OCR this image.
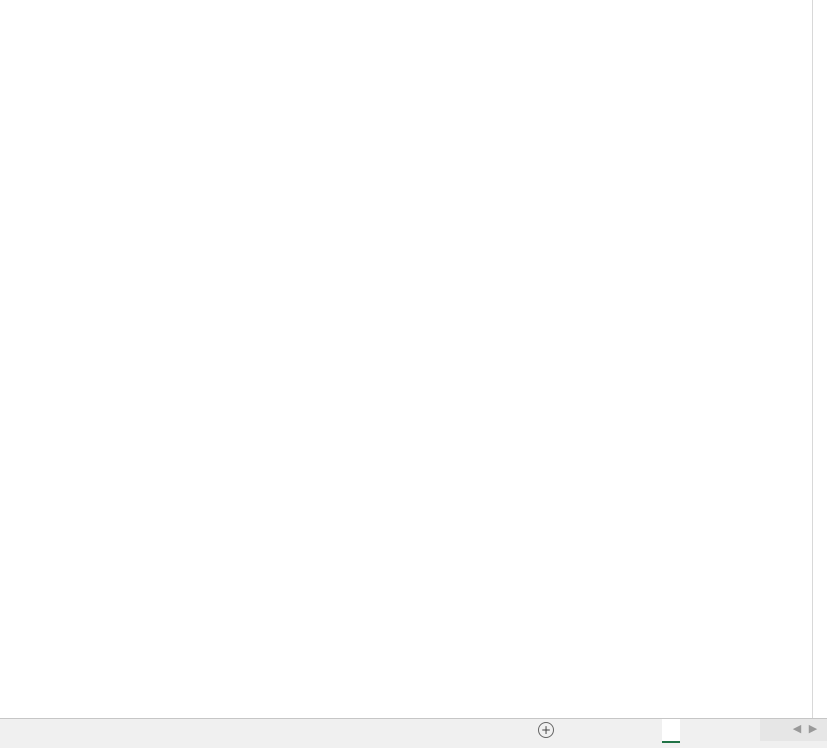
+	◀ ▶
